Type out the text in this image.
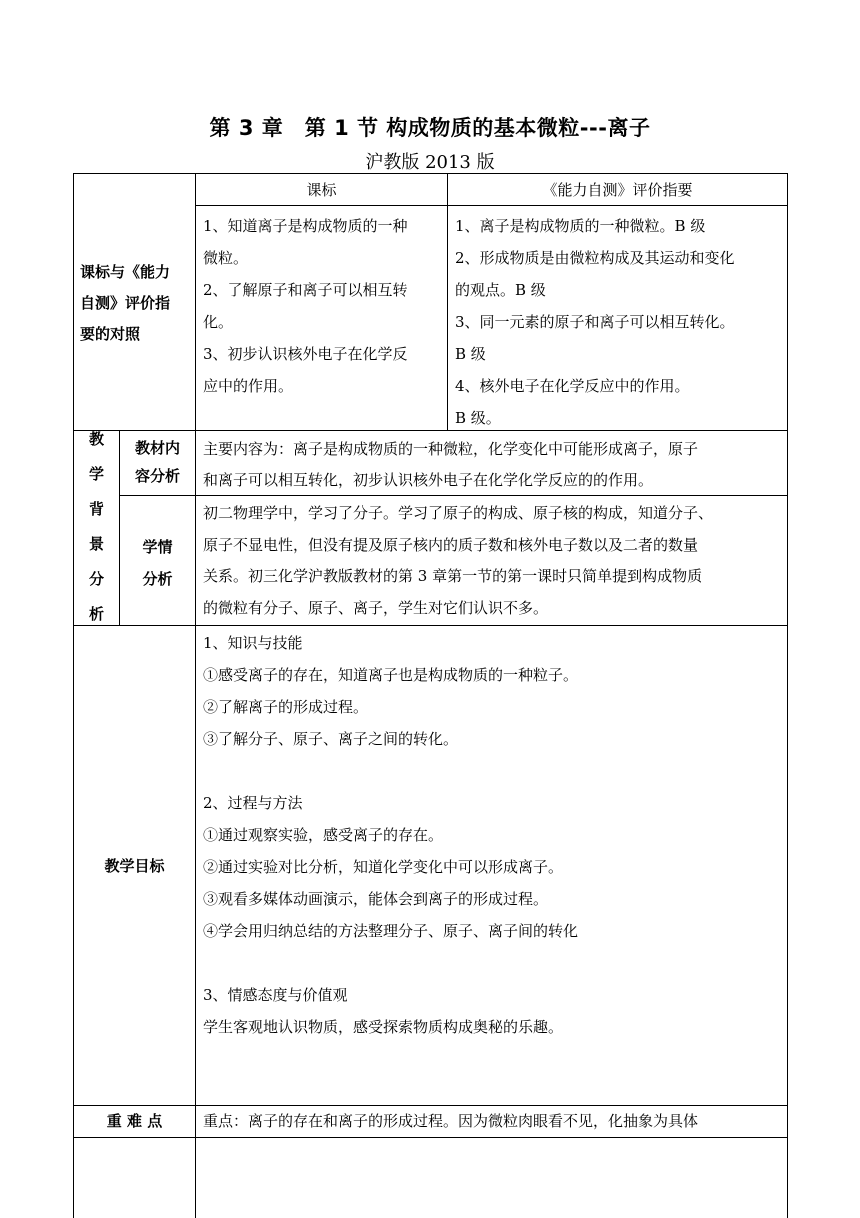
第 3 章　第 1 节 构成物质的基本微粒---离子
沪教版 2013 版
课标与《能力
自测》评价指
要的对照
课标	《能力自测》评价指要
1、知道离子是构成物质的一种
微粒。
2、了解原子和离子可以相互转
化。
3、初步认识核外电子在化学反
应中的作用。
1、离子是构成物质的一种微粒。B 级
2、形成物质是由微粒构成及其运动和变化
的观点。B 级
3、同一元素的原子和离子可以相互转化。
B 级
4、核外电子在化学反应中的作用。
B 级。
教
学
背
景
分
析
教材内
容分析
主要内容为：离子是构成物质的一种微粒，化学变化中可能形成离子，原子
和离子可以相互转化，初步认识核外电子在化学化学反应的的作用。
学情
分析
初二物理学中，学习了分子。学习了原子的构成、原子核的构成，知道分子、
原子不显电性，但没有提及原子核内的质子数和核外电子数以及二者的数量
关系。初三化学沪教版教材的第 3 章第一节的第一课时只简单提到构成物质
的微粒有分子、原子、离子，学生对它们认识不多。
教学目标
1、知识与技能
①感受离子的存在，知道离子也是构成物质的一种粒子。
②了解离子的形成过程。
③了解分子、原子、离子之间的转化。
2、过程与方法
①通过观察实验，感受离子的存在。
②通过实验对比分析，知道化学变化中可以形成离子。
③观看多媒体动画演示，能体会到离子的形成过程。
④学会用归纳总结的方法整理分子、原子、离子间的转化
3、情感态度与价值观
学生客观地认识物质，感受探索物质构成奥秘的乐趣。
重 难 点	重点：离子的存在和离子的形成过程。因为微粒肉眼看不见，化抽象为具体
